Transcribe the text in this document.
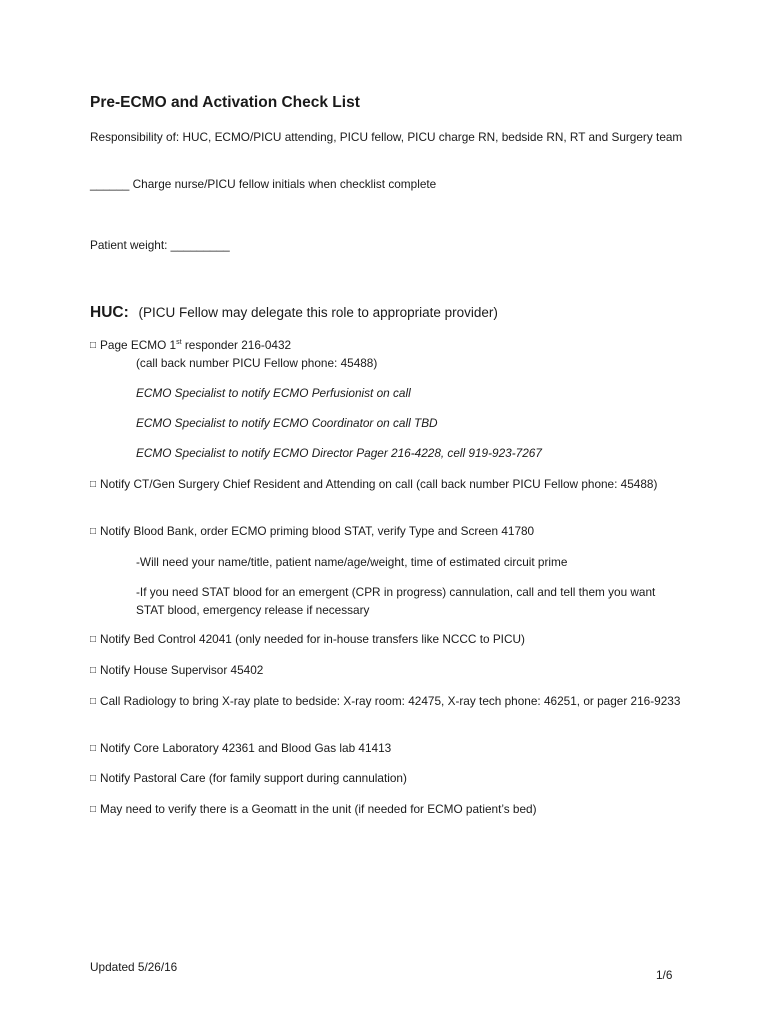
Pre-ECMO and Activation Check List
Responsibility of: HUC, ECMO/PICU attending, PICU fellow, PICU charge RN, bedside RN, RT and Surgery team
______ Charge nurse/PICU fellow initials when checklist complete
Patient weight: _________
HUC: (PICU Fellow may delegate this role to appropriate provider)
□ Page ECMO 1st responder 216-0432
(call back number PICU Fellow phone: 45488)
ECMO Specialist to notify ECMO Perfusionist on call
ECMO Specialist to notify ECMO Coordinator on call TBD
ECMO Specialist to notify ECMO Director Pager 216-4228, cell 919-923-7267
□ Notify CT/Gen Surgery Chief Resident and Attending on call (call back number PICU Fellow phone: 45488)
□ Notify Blood Bank, order ECMO priming blood STAT, verify Type and Screen 41780
-Will need your name/title, patient name/age/weight, time of estimated circuit prime
-If you need STAT blood for an emergent (CPR in progress) cannulation, call and tell them you want STAT blood, emergency release if necessary
□ Notify Bed Control 42041 (only needed for in-house transfers like NCCC to PICU)
□ Notify House Supervisor 45402
□ Call Radiology to bring X-ray plate to bedside: X-ray room: 42475, X-ray tech phone: 46251, or pager 216-9233
□ Notify Core Laboratory 42361 and Blood Gas lab 41413
□ Notify Pastoral Care (for family support during cannulation)
□ May need to verify there is a Geomatt in the unit (if needed for ECMO patient’s bed)
Updated 5/26/16
1/6
